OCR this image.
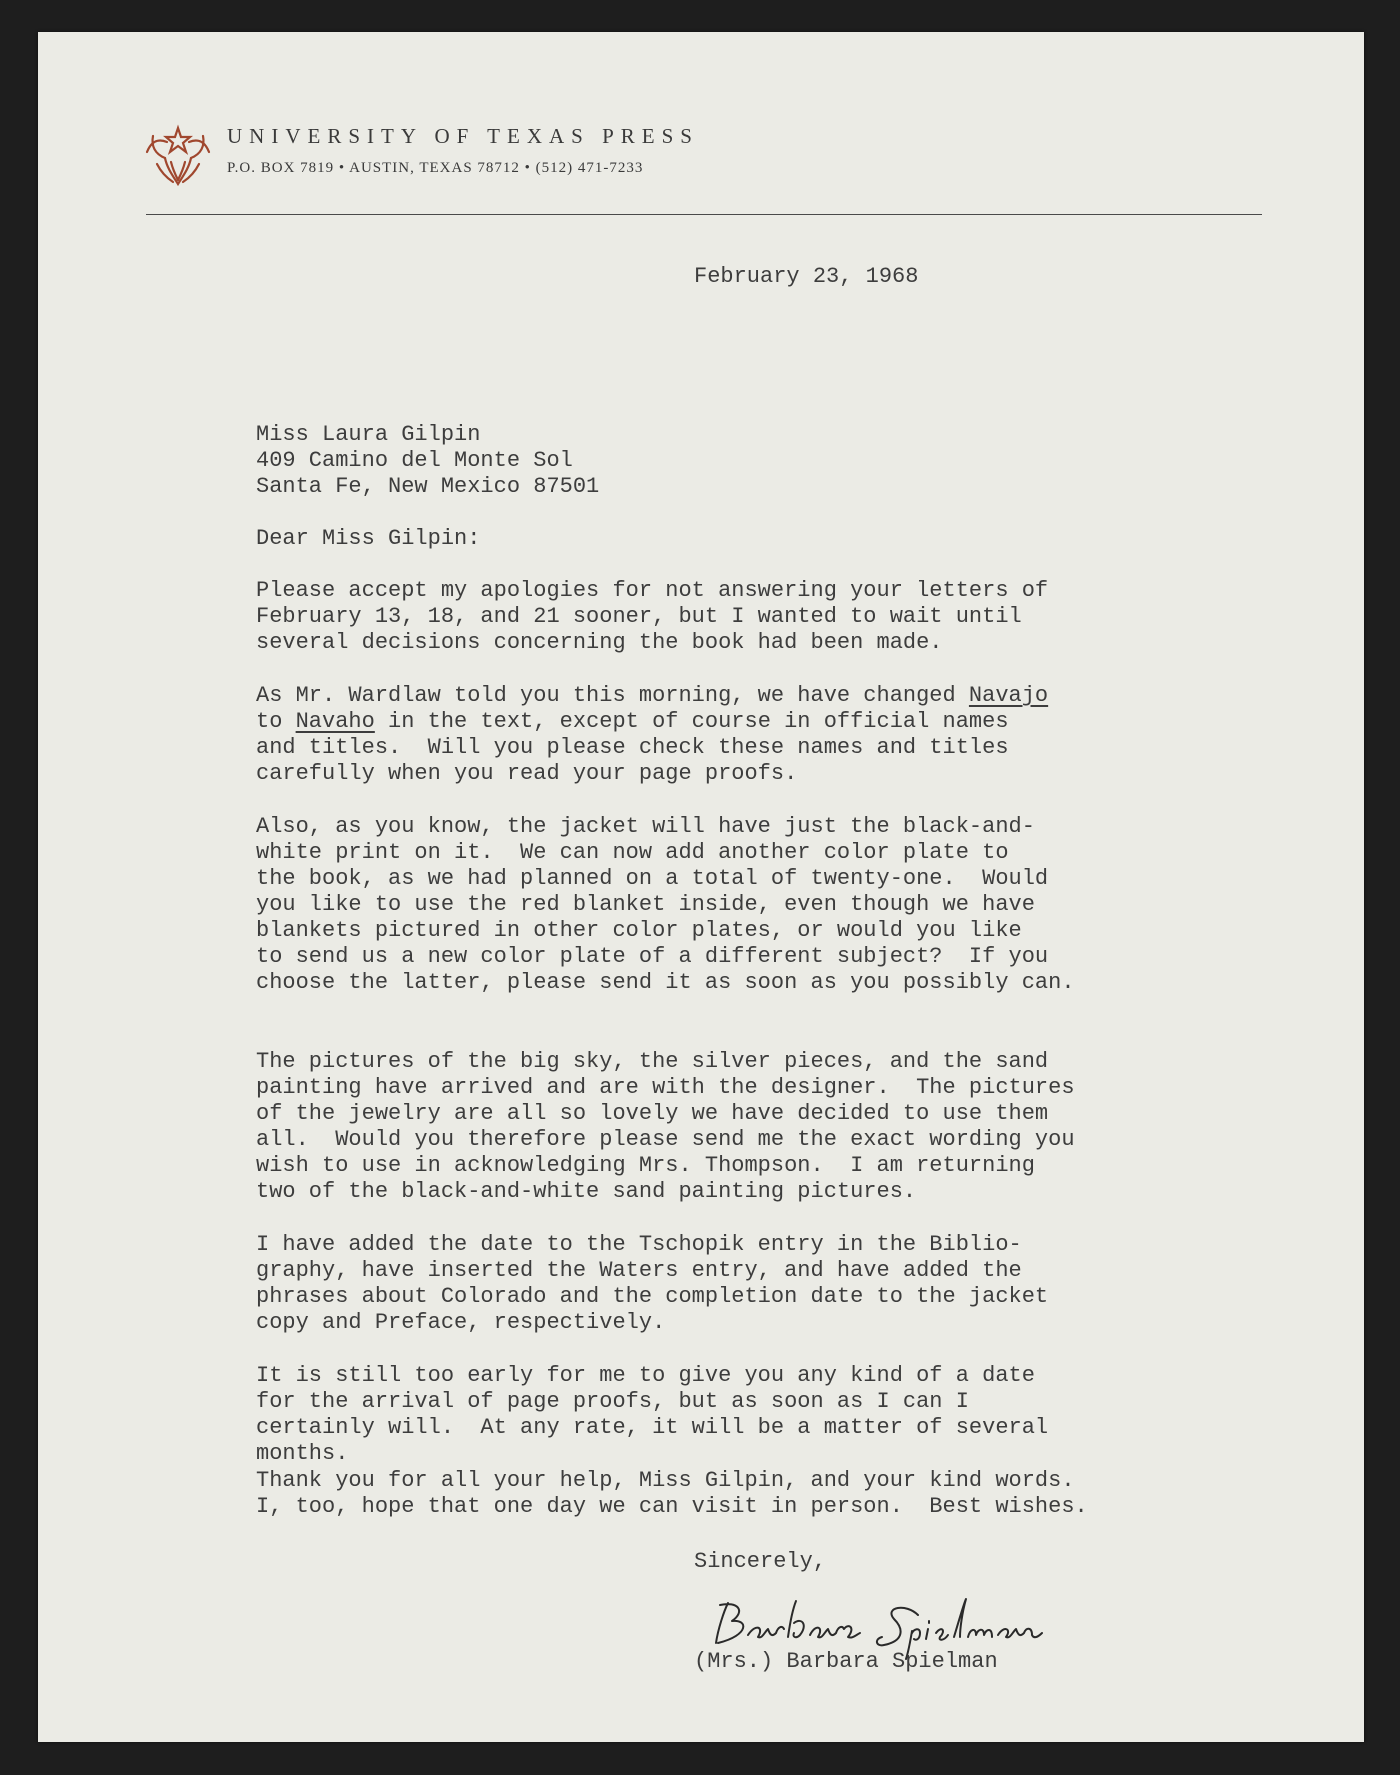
UNIVERSITY OF TEXAS PRESS
P.O. BOX 7819 • AUSTIN, TEXAS 78712 • (512) 471-7233
February 23, 1968
Miss Laura Gilpin
409 Camino del Monte Sol
Santa Fe, New Mexico 87501
Dear Miss Gilpin:
Please accept my apologies for not answering your letters of
February 13, 18, and 21 sooner, but I wanted to wait until
several decisions concerning the book had been made.
As Mr. Wardlaw told you this morning, we have changed Navajo
to Navaho in the text, except of course in official names
and titles.  Will you please check these names and titles
carefully when you read your page proofs.
Also, as you know, the jacket will have just the black-and-
white print on it.  We can now add another color plate to
the book, as we had planned on a total of twenty-one.  Would
you like to use the red blanket inside, even though we have
blankets pictured in other color plates, or would you like
to send us a new color plate of a different subject?  If you
choose the latter, please send it as soon as you possibly can.
The pictures of the big sky, the silver pieces, and the sand
painting have arrived and are with the designer.  The pictures
of the jewelry are all so lovely we have decided to use them
all.  Would you therefore please send me the exact wording you
wish to use in acknowledging Mrs. Thompson.  I am returning
two of the black-and-white sand painting pictures.
I have added the date to the Tschopik entry in the Biblio-
graphy, have inserted the Waters entry, and have added the
phrases about Colorado and the completion date to the jacket
copy and Preface, respectively.
It is still too early for me to give you any kind of a date
for the arrival of page proofs, but as soon as I can I
certainly will.  At any rate, it will be a matter of several
months.
Thank you for all your help, Miss Gilpin, and your kind words.
I, too, hope that one day we can visit in person.  Best wishes.
Sincerely,
(Mrs.) Barbara Spielman
